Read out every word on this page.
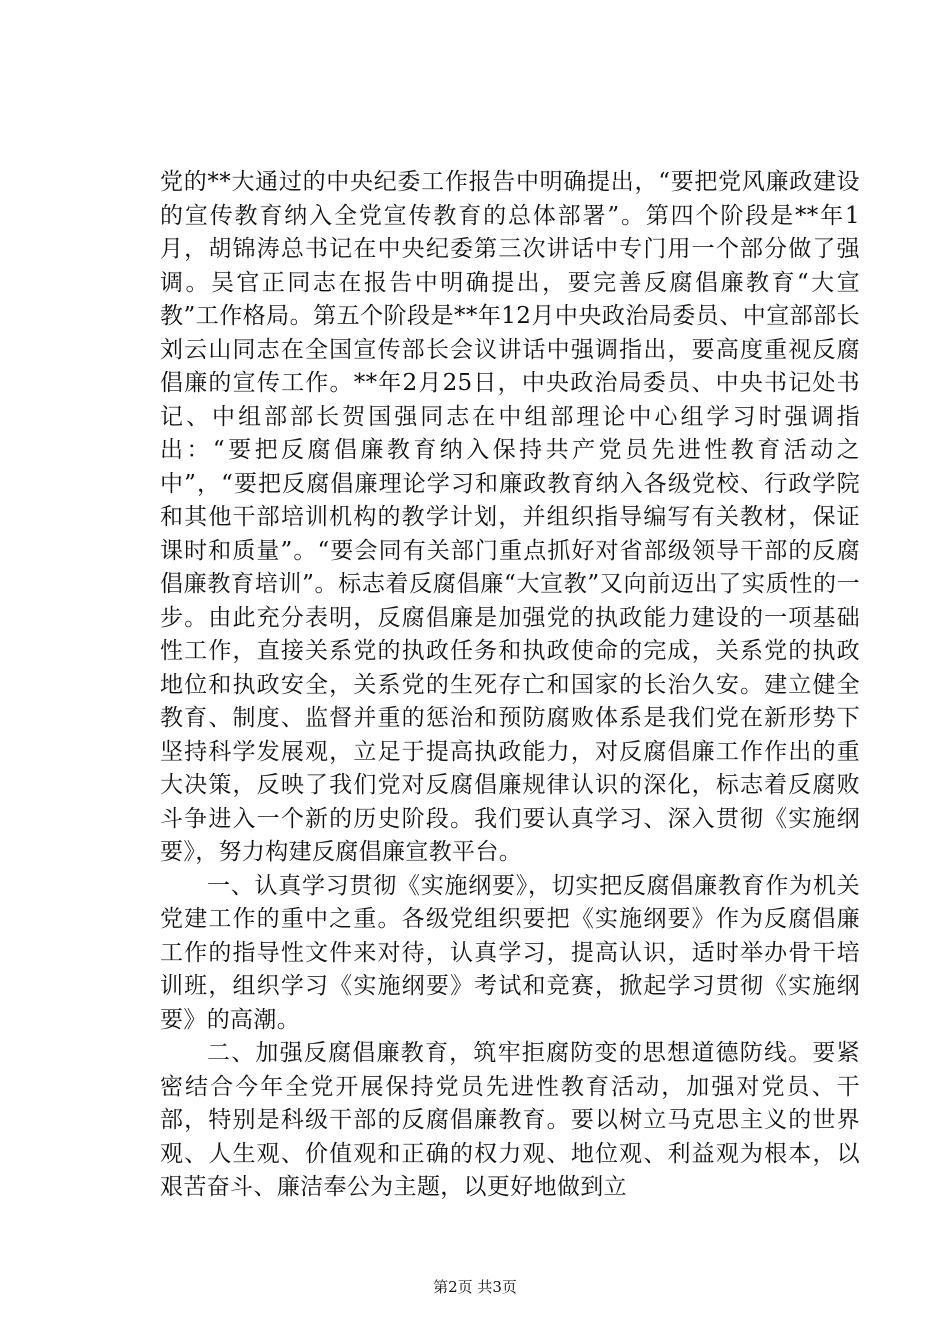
党的**大通过的中央纪委工作报告中明确提出，“要把党风廉政建设的宣传教育纳入全党宣传教育的总体部署”。第四个阶段是**年1月，胡锦涛总书记在中央纪委第三次讲话中专门用一个部分做了强调。吴官正同志在报告中明确提出，要完善反腐倡廉教育“大宣教”工作格局。第五个阶段是**年12月中央政治局委员、中宣部部长刘云山同志在全国宣传部长会议讲话中强调指出，要高度重视反腐倡廉的宣传工作。**年2月25日，中央政治局委员、中央书记处书记、中组部部长贺国强同志在中组部理论中心组学习时强调指出：“要把反腐倡廉教育纳入保持共产党员先进性教育活动之中”，“要把反腐倡廉理论学习和廉政教育纳入各级党校、行政学院和其他干部培训机构的教学计划，并组织指导编写有关教材，保证课时和质量”。“要会同有关部门重点抓好对省部级领导干部的反腐倡廉教育培训”。标志着反腐倡廉“大宣教”又向前迈出了实质性的一步。由此充分表明，反腐倡廉是加强党的执政能力建设的一项基础性工作，直接关系党的执政任务和执政使命的完成，关系党的执政地位和执政安全，关系党的生死存亡和国家的长治久安。建立健全教育、制度、监督并重的惩治和预防腐败体系是我们党在新形势下坚持科学发展观，立足于提高执政能力，对反腐倡廉工作作出的重大决策，反映了我们党对反腐倡廉规律认识的深化，标志着反腐败斗争进入一个新的历史阶段。我们要认真学习、深入贯彻《实施纲要》，努力构建反腐倡廉宣教平台。

一、认真学习贯彻《实施纲要》，切实把反腐倡廉教育作为机关党建工作的重中之重。各级党组织要把《实施纲要》作为反腐倡廉工作的指导性文件来对待，认真学习，提高认识，适时举办骨干培训班，组织学习《实施纲要》考试和竞赛，掀起学习贯彻《实施纲要》的高潮。

二、加强反腐倡廉教育，筑牢拒腐防变的思想道德防线。要紧密结合今年全党开展保持党员先进性教育活动，加强对党员、干部，特别是科级干部的反腐倡廉教育。要以树立马克思主义的世界观、人生观、价值观和正确的权力观、地位观、利益观为根本，以艰苦奋斗、廉洁奉公为主题，以更好地做到立

第2页 共3页
